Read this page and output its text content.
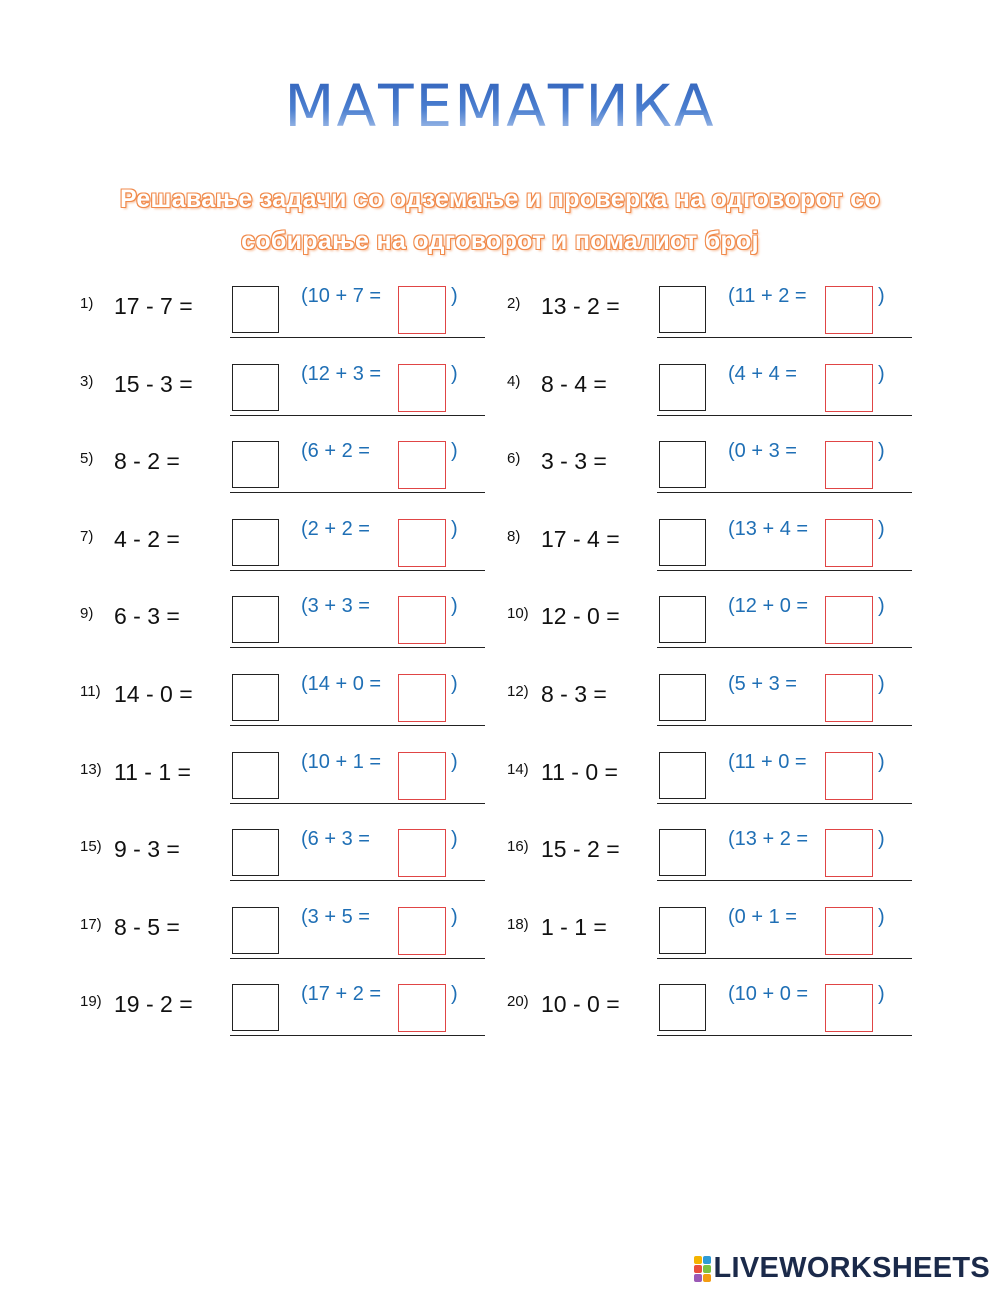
МАТЕМАТИКА
Решавање задачи со одземање и проверка на одговорот со
собирање на одговорот и помалиот број
1) 17 - 7 =	(10 + 7 =	)	2) 13 - 2 =	(11 + 2 =	)
3) 15 - 3 =	(12 + 3 =	)	4) 8 - 4 =	(4 + 4 =	)
5) 8 - 2 =	(6 + 2 =	)	6) 3 - 3 =	(0 + 3 =	)
7) 4 - 2 =	(2 + 2 =	)	8) 17 - 4 =	(13 + 4 =	)
9) 6 - 3 =	(3 + 3 =	)	10) 12 - 0 =	(12 + 0 =	)
11) 14 - 0 =	(14 + 0 =	)	12) 8 - 3 =	(5 + 3 =	)
13) 11 - 1 =	(10 + 1 =	)	14) 11 - 0 =	(11 + 0 =	)
15) 9 - 3 =	(6 + 3 =	)	16) 15 - 2 =	(13 + 2 =	)
17) 8 - 5 =	(3 + 5 =	)	18) 1 - 1 =	(0 + 1 =	)
19) 19 - 2 =	(17 + 2 =	)	20) 10 - 0 =	(10 + 0 =	)
LIVEWORKSHEETS
